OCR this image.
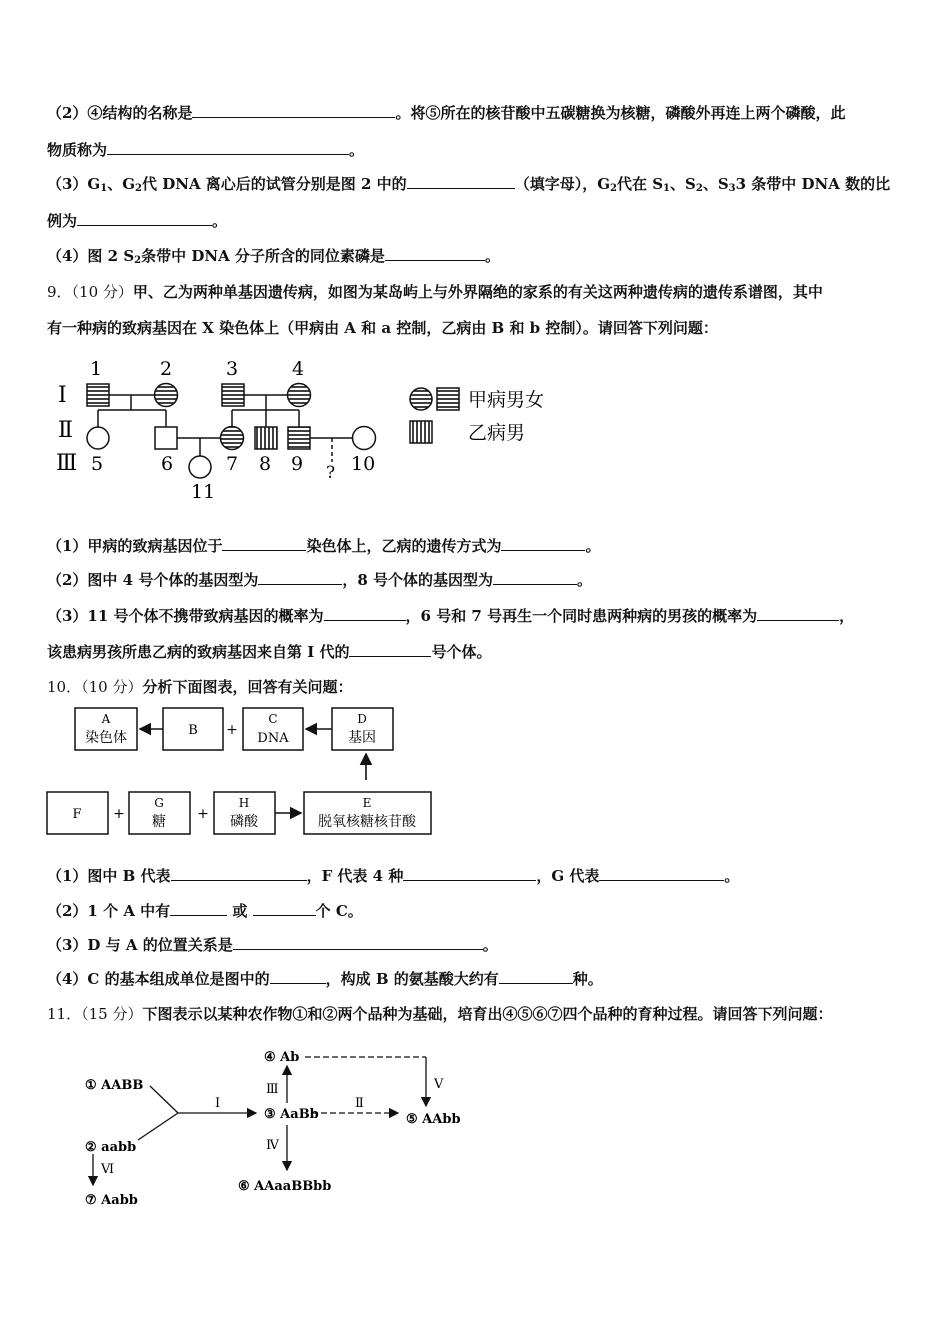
（2）④结构的名称是	。将⑤所在的核苷酸中五碳糖换为核糖，磷酸外再连上两个磷酸，此
物质称为	。
$(3)G_1$、$G_2$代 DNA 离心后的试管分别是图 2 中的	（填字母），$G_2$代在 $S_1$、$S_2$、$S_33$ 条带中 DNA 数的比
例为	。
（4）图 2 $S_2$条带中 DNA 分子所含的同位素磷是	。
9．（10 分）甲、乙为两种单基因遗传病，如图为某岛屿上与外界隔绝的家系的有关这两种遗传病的遗传系谱图，其中
有一种病的致病基因在 X 染色体上（甲病由 A 和 a 控制，乙病由 B 和 b 控制）。请回答下列问题：
Ⅰ
Ⅱ
Ⅲ
1	2	3	4
5	6	7 8 9	10
11
?
甲病男女
乙病男
（1）甲病的致病基因位于	染色体上，乙病的遗传方式为	。
（2）图中 4 号个体的基因型为	，8 号个体的基因型为	。
（3）11 号个体不携带致病基因的概率为	，6 号和 7 号再生一个同时患两种病的男孩的概率为	，
该患病男孩所患乙病的致病基因来自第 I 代的	号个体。
10．（10 分）分析下面图表，回答有关问题：
A
染色体	B
C
DNA
D
基因
F
G
糖
H
磷酸
E
脱氧核糖核苷酸
+
+	+
（1）图中 B 代表	，F 代表 4 种	，G 代表	。
（2）1 个 A 中有	或	个 C。
（3）D 与 A 的位置关系是	。
（4）C 的基本组成单位是图中的	，构成 B 的氨基酸大约有	种。
11．（15 分）下图表示以某种农作物①和②两个品种为基础，培育出④⑤⑥⑦四个品种的育种过程。请回答下列问题：
① AABB
② aabb
③ AaBb
④ Ab
⑤ AAbb
⑥ AAaaBBbb
⑦ Aabb
Ⅰ	Ⅱ
Ⅲ
Ⅳ
Ⅴ
Ⅵ
